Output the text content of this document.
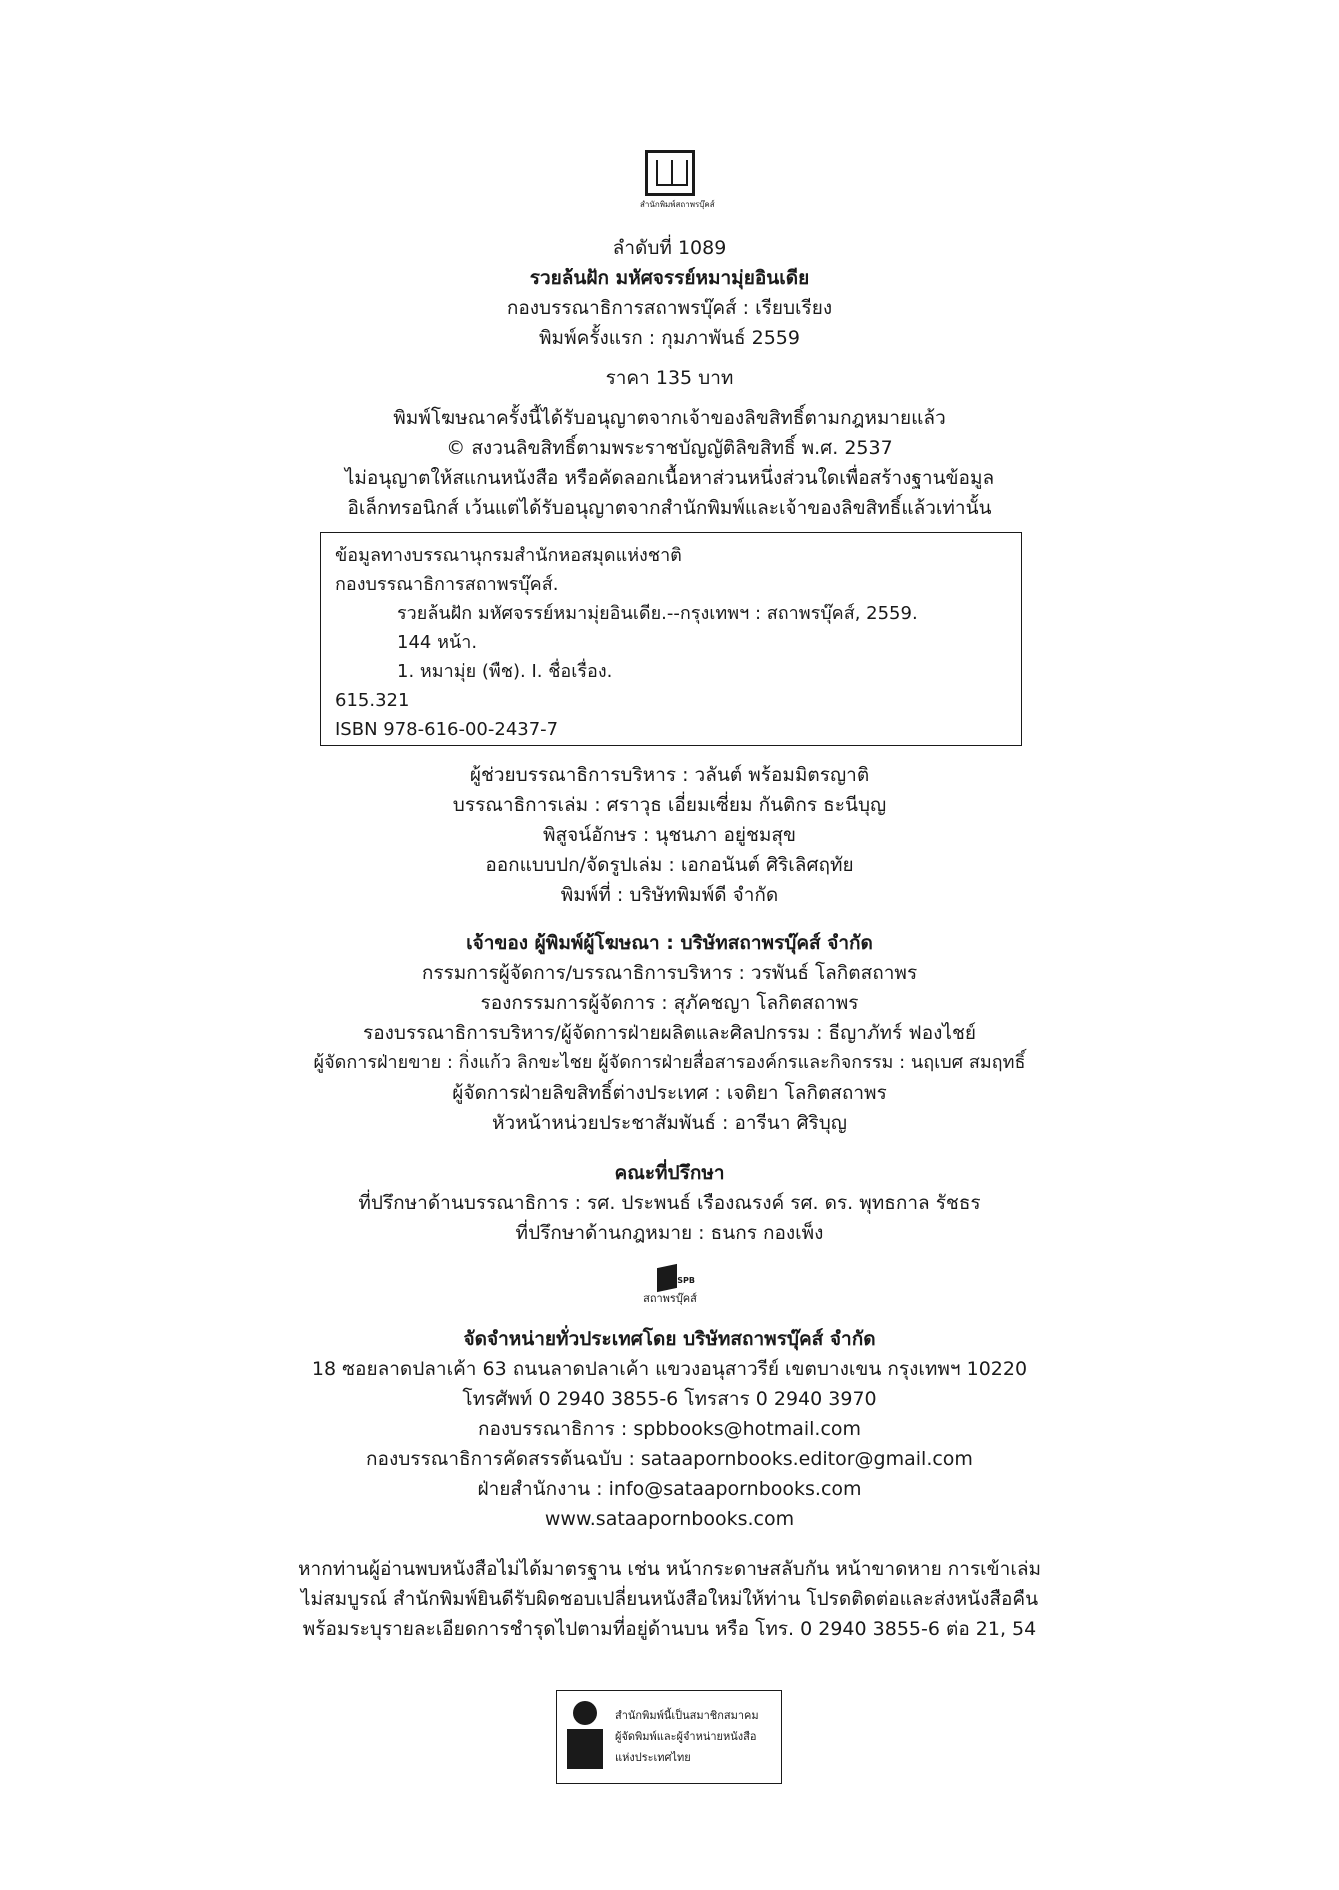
สำนักพิมพ์สถาพรบุ๊คส์
ลำดับที่ 1089
รวยล้นฝัก มหัศจรรย์หมามุ่ยอินเดีย
กองบรรณาธิการสถาพรบุ๊คส์ : เรียบเรียง
พิมพ์ครั้งแรก : กุมภาพันธ์ 2559
ราคา 135 บาท
พิมพ์โฆษณาครั้งนี้ได้รับอนุญาตจากเจ้าของลิขสิทธิ์ตามกฎหมายแล้ว
© สงวนลิขสิทธิ์ตามพระราชบัญญัติลิขสิทธิ์ พ.ศ. 2537
ไม่อนุญาตให้สแกนหนังสือ หรือคัดลอกเนื้อหาส่วนหนึ่งส่วนใดเพื่อสร้างฐานข้อมูล
อิเล็กทรอนิกส์ เว้นแต่ได้รับอนุญาตจากสำนักพิมพ์และเจ้าของลิขสิทธิ์แล้วเท่านั้น
ข้อมูลทางบรรณานุกรมสำนักหอสมุดแห่งชาติ
กองบรรณาธิการสถาพรบุ๊คส์.
รวยล้นฝัก มหัศจรรย์หมามุ่ยอินเดีย.--กรุงเทพฯ : สถาพรบุ๊คส์, 2559.
144 หน้า.
1. หมามุ่ย (พืช). I. ชื่อเรื่อง.
615.321
ISBN 978-616-00-2437-7
ผู้ช่วยบรรณาธิการบริหาร : วลันต์ พร้อมมิตรญาติ
บรรณาธิการเล่ม : ศราวุธ เอี่ยมเซี่ยม กันติกร ธะนีบุญ
พิสูจน์อักษร : นุชนภา อยู่ชมสุข
ออกแบบปก/จัดรูปเล่ม : เอกอนันต์ ศิริเลิศฤทัย
พิมพ์ที่ : บริษัทพิมพ์ดี จำกัด
เจ้าของ ผู้พิมพ์ผู้โฆษณา : บริษัทสถาพรบุ๊คส์ จำกัด
กรรมการผู้จัดการ/บรรณาธิการบริหาร : วรพันธ์ โลกิตสถาพร
รองกรรมการผู้จัดการ : สุภัคชญา โลกิตสถาพร
รองบรรณาธิการบริหาร/ผู้จัดการฝ่ายผลิตและศิลปกรรม : ธีญาภัทร์ ฟองไชย์
ผู้จัดการฝ่ายขาย : กิ่งแก้ว ลิกขะไชย ผู้จัดการฝ่ายสื่อสารองค์กรและกิจกรรม : นฤเบศ สมฤทธิ์
ผู้จัดการฝ่ายลิขสิทธิ์ต่างประเทศ : เจติยา โลกิตสถาพร
หัวหน้าหน่วยประชาสัมพันธ์ : อารีนา ศิริบุญ
คณะที่ปรึกษา
ที่ปรึกษาด้านบรรณาธิการ : รศ. ประพนธ์ เรืองณรงค์ รศ. ดร. พุทธกาล รัชธร
ที่ปรึกษาด้านกฎหมาย : ธนกร กองเพ็ง
SPB
สถาพรบุ๊คส์
จัดจำหน่ายทั่วประเทศโดย บริษัทสถาพรบุ๊คส์ จำกัด
18 ซอยลาดปลาเค้า 63 ถนนลาดปลาเค้า แขวงอนุสาวรีย์ เขตบางเขน กรุงเทพฯ 10220
โทรศัพท์ 0 2940 3855-6 โทรสาร 0 2940 3970
กองบรรณาธิการ : spbbooks@hotmail.com
กองบรรณาธิการคัดสรรต้นฉบับ : sataapornbooks.editor@gmail.com
ฝ่ายสำนักงาน : info@sataapornbooks.com
www.sataapornbooks.com
หากท่านผู้อ่านพบหนังสือไม่ได้มาตรฐาน เช่น หน้ากระดาษสลับกัน หน้าขาดหาย การเข้าเล่ม
ไม่สมบูรณ์ สำนักพิมพ์ยินดีรับผิดชอบเปลี่ยนหนังสือใหม่ให้ท่าน โปรดติดต่อและส่งหนังสือคืน
พร้อมระบุรายละเอียดการชำรุดไปตามที่อยู่ด้านบน หรือ โทร. 0 2940 3855-6 ต่อ 21, 54
สำนักพิมพ์นี้เป็นสมาชิกสมาคม
ผู้จัดพิมพ์และผู้จำหน่ายหนังสือ
แห่งประเทศไทย
